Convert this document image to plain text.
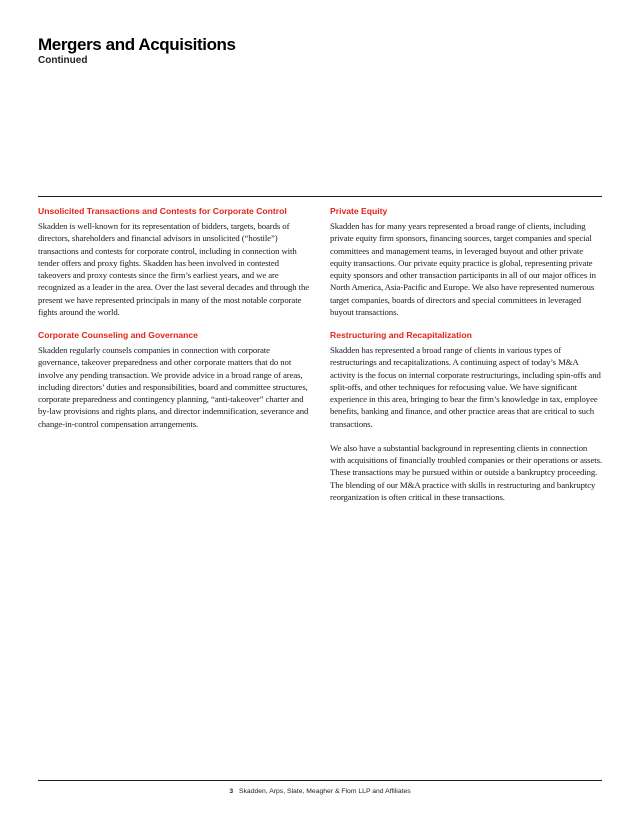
Mergers and Acquisitions
Continued
Unsolicited Transactions and Contests for Corporate Control

Skadden is well-known for its representation of bidders, targets, boards of directors, shareholders and financial advisors in unsolicited (“hostile”) transactions and contests for corporate control, including in connection with tender offers and proxy fights. Skadden has been involved in contested takeovers and proxy contests since the firm’s earliest years, and we are recognized as a leader in the area. Over the last several decades and through the present we have represented principals in many of the most notable corporate fights around the world.

Corporate Counseling and Governance

Skadden regularly counsels companies in connection with corporate governance, takeover preparedness and other corporate matters that do not involve any pending transaction. We provide advice in a broad range of areas, including directors’ duties and responsibilities, board and committee structures, corporate preparedness and contingency planning, “anti-takeover” charter and by-law provisions and rights plans, and director indemnification, severance and change-in-control compensation arrangements.

Private Equity

Skadden has for many years represented a broad range of clients, including private equity firm sponsors, financing sources, target companies and special committees and management teams, in leveraged buyout and other private equity transactions. Our private equity practice is global, representing private equity sponsors and other transaction participants in all of our major offices in North America, Asia-Pacific and Europe. We also have represented numerous target companies, boards of directors and special committees in leveraged buyout transactions.

Restructuring and Recapitalization

Skadden has represented a broad range of clients in various types of restructurings and recapitalizations. A continuing aspect of today’s M&A activity is the focus on internal corporate restructurings, including spin-offs and split-offs, and other techniques for refocusing value. We have significant experience in this area, bringing to bear the firm’s knowledge in tax, employee benefits, banking and finance, and other practice areas that are critical to such transactions.

We also have a substantial background in representing clients in connection with acquisitions of financially troubled companies or their operations or assets. These transactions may be pursued within or outside a bankruptcy proceeding. The blending of our M&A practice with skills in restructuring and bankruptcy reorganization is often critical in these transactions.

3 Skadden, Arps, Slate, Meagher & Flom LLP and Affiliates
